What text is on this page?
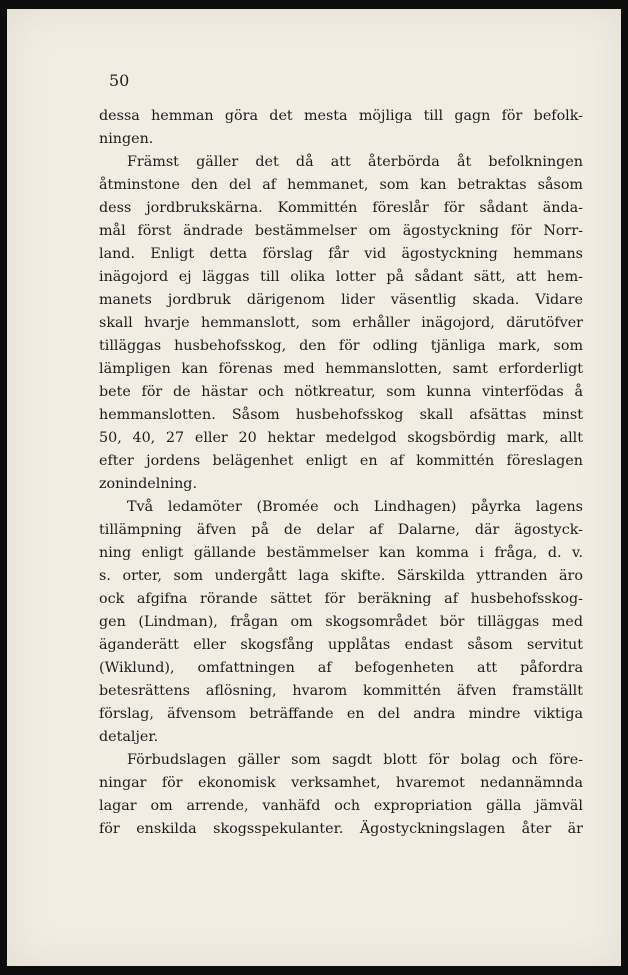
50
dessa hemman göra det mesta möjliga till gagn för befolk-
ningen.
Främst gäller det då att återbörda åt befolkningen
åtminstone den del af hemmanet, som kan betraktas såsom
dess jordbrukskärna. Kommittén föreslår för sådant ända-
mål först ändrade bestämmelser om ägostyckning för Norr-
land. Enligt detta förslag får vid ägostyckning hemmans
inägojord ej läggas till olika lotter på sådant sätt, att hem-
manets jordbruk därigenom lider väsentlig skada. Vidare
skall hvarje hemmanslott, som erhåller inägojord, därutöfver
tilläggas husbehofsskog, den för odling tjänliga mark, som
lämpligen kan förenas med hemmanslotten, samt erforderligt
bete för de hästar och nötkreatur, som kunna vinterfödas å
hemmanslotten. Såsom husbehofsskog skall afsättas minst
50, 40, 27 eller 20 hektar medelgod skogsbördig mark, allt
efter jordens belägenhet enligt en af kommittén föreslagen
zonindelning.
Två ledamöter (Bromée och Lindhagen) påyrka lagens
tillämpning äfven på de delar af Dalarne, där ägostyck-
ning enligt gällande bestämmelser kan komma i fråga, d. v.
s. orter, som undergått laga skifte. Särskilda yttranden äro
ock afgifna rörande sättet för beräkning af husbehofsskog-
gen (Lindman), frågan om skogsområdet bör tilläggas med
äganderätt eller skogsfång upplåtas endast såsom servitut
(Wiklund), omfattningen af befogenheten att påfordra
betesrättens aflösning, hvarom kommittén äfven framställt
förslag, äfvensom beträffande en del andra mindre viktiga
detaljer.
Förbudslagen gäller som sagdt blott för bolag och före-
ningar för ekonomisk verksamhet, hvaremot nedannämnda
lagar om arrende, vanhäfd och expropriation gälla jämväl
för enskilda skogsspekulanter. Ägostyckningslagen åter är
